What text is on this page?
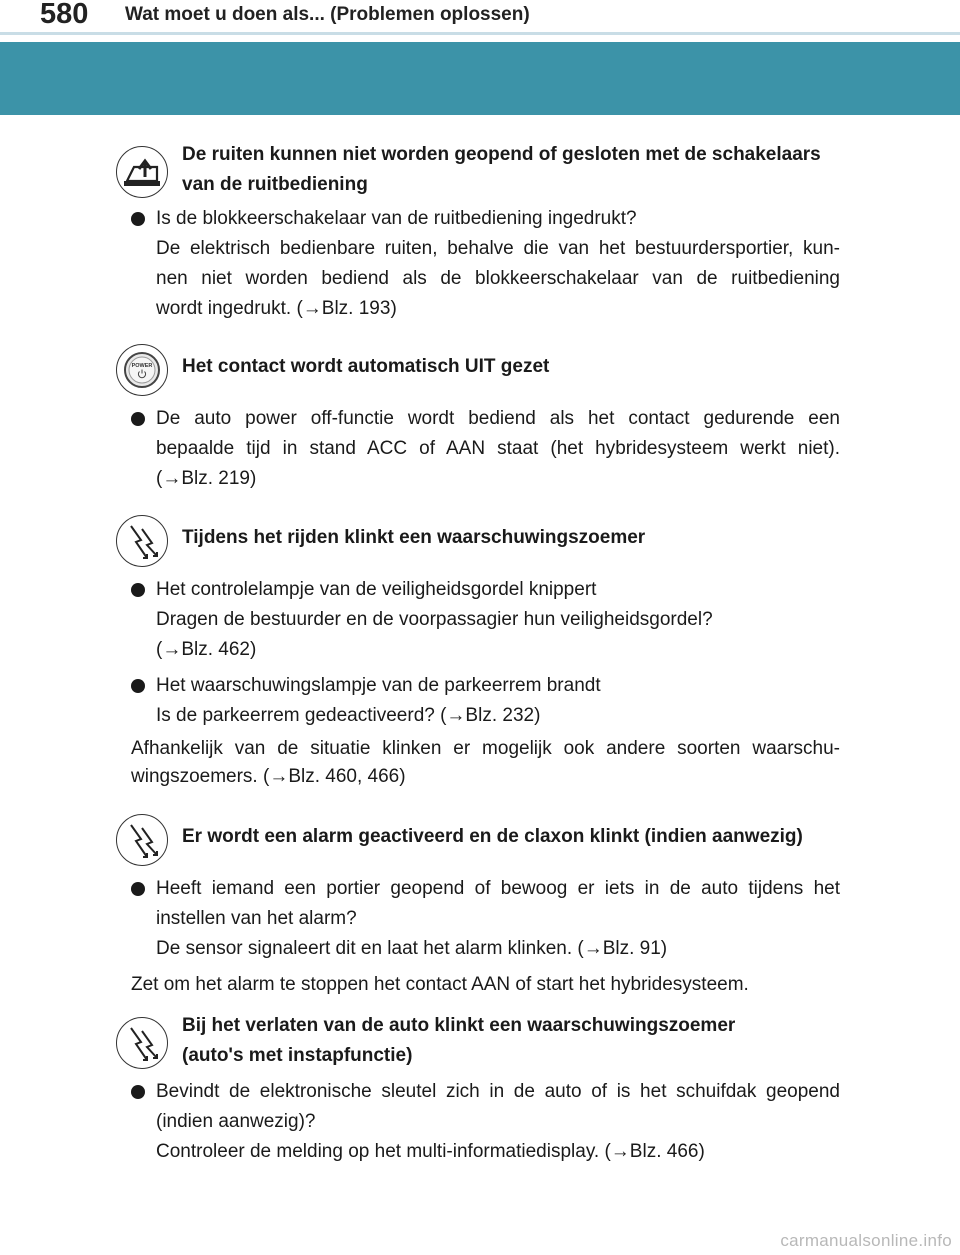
580 Wat moet u doen als... (Problemen oplossen)
De ruiten kunnen niet worden geopend of gesloten met de schakelaars
van de ruitbediening
Is de blokkeerschakelaar van de ruitbediening ingedrukt?
De elektrisch bedienbare ruiten, behalve die van het bestuurdersportier, kun-
nen niet worden bediend als de blokkeerschakelaar van de ruitbediening
wordt ingedrukt. (→Blz. 193)
POWER Het contact wordt automatisch UIT gezet
De auto power off-functie wordt bediend als het contact gedurende een
bepaalde tijd in stand ACC of AAN staat (het hybridesysteem werkt niet).
(→Blz. 219)
Tijdens het rijden klinkt een waarschuwingszoemer
Het controlelampje van de veiligheidsgordel knippert
Dragen de bestuurder en de voorpassagier hun veiligheidsgordel?
(→Blz. 462)
Het waarschuwingslampje van de parkeerrem brandt
Is de parkeerrem gedeactiveerd? (→Blz. 232)
Afhankelijk van de situatie klinken er mogelijk ook andere soorten waarschu-
wingszoemers. (→Blz. 460, 466)
Er wordt een alarm geactiveerd en de claxon klinkt (indien aanwezig)
Heeft iemand een portier geopend of bewoog er iets in de auto tijdens het
instellen van het alarm?
De sensor signaleert dit en laat het alarm klinken. (→Blz. 91)
Zet om het alarm te stoppen het contact AAN of start het hybridesysteem.
Bij het verlaten van de auto klinkt een waarschuwingszoemer
(auto's met instapfunctie)
Bevindt de elektronische sleutel zich in de auto of is het schuifdak geopend
(indien aanwezig)?
Controleer de melding op het multi-informatiedisplay. (→Blz. 466)
carmanualsonline.info
